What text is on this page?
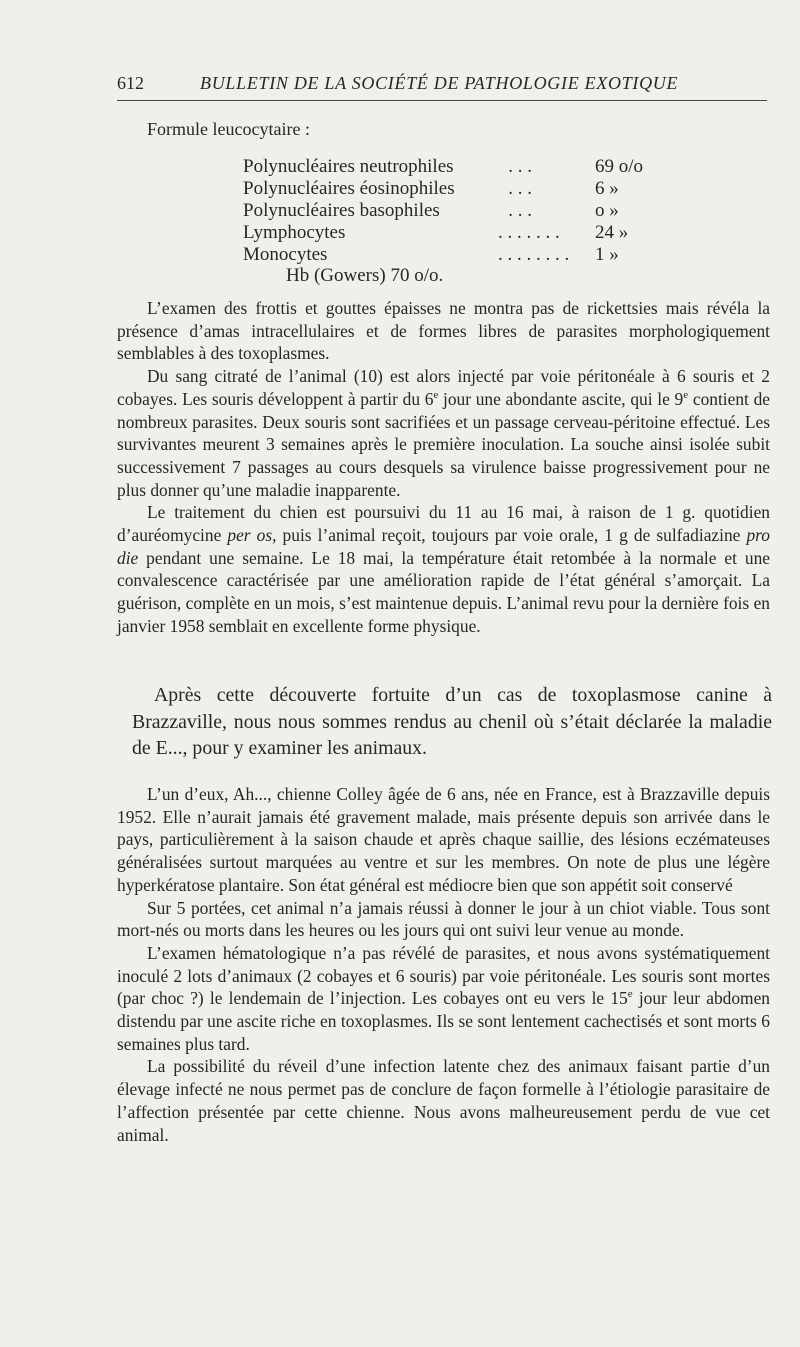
612	BULLETIN DE LA SOCIÉTÉ DE PATHOLOGIE EXOTIQUE
Formule leucocytaire :
Polynucléaires neutrophiles	. . .	69 o/o
Polynucléaires éosinophiles	. . .	6 »
Polynucléaires basophiles	. . .	o »
Lymphocytes	. . . . . . . 24 »
Monocytes	. . . . . . . . 1 »
Hb (Gowers) 70 o/o.

L’examen des frottis et gouttes épaisses ne montra pas de rickettsies mais révéla la présence d’amas intracellulaires et de formes libres de parasites morphologiquement semblables à des toxoplasmes.

Du sang citraté de l’animal (10) est alors injecté par voie péritonéale à 6 souris et 2 cobayes. Les souris développent à partir du 6e jour une abondante ascite, qui le 9e contient de nombreux parasites. Deux souris sont sacrifiées et un passage cerveau-péritoine effectué. Les survivantes meurent 3 semaines après le première inoculation. La souche ainsi isolée subit successivement 7 passages au cours desquels sa virulence baisse progressivement pour ne plus donner qu’une maladie inapparente.

Le traitement du chien est poursuivi du 11 au 16 mai, à raison de 1 g. quotidien d’auréomycine per os, puis l’animal reçoit, toujours par voie orale, 1 g de sulfadiazine pro die pendant une semaine. Le 18 mai, la température était retombée à la normale et une convalescence caractérisée par une amélioration rapide de l’état général s’amorçait. La guérison, complète en un mois, s’est maintenue depuis. L’animal revu pour la dernière fois en janvier 1958 semblait en excellente forme physique.

Après cette découverte fortuite d’un cas de toxoplasmose canine à Brazzaville, nous nous sommes rendus au chenil où s’était déclarée la maladie de E..., pour y examiner les animaux.

L’un d’eux, Ah..., chienne Colley âgée de 6 ans, née en France, est à Brazzaville depuis 1952. Elle n’aurait jamais été gravement malade, mais présente depuis son arrivée dans le pays, particulièrement à la saison chaude et après chaque saillie, des lésions eczémateuses généralisées surtout marquées au ventre et sur les membres. On note de plus une légère hyperkératose plantaire. Son état général est médiocre bien que son appétit soit conservé

Sur 5 portées, cet animal n’a jamais réussi à donner le jour à un chiot viable. Tous sont mort-nés ou morts dans les heures ou les jours qui ont suivi leur venue au monde.

L’examen hématologique n’a pas révélé de parasites, et nous avons systématiquement inoculé 2 lots d’animaux (2 cobayes et 6 souris) par voie péritonéale. Les souris sont mortes (par choc ?) le lendemain de l’injection. Les cobayes ont eu vers le 15e jour leur abdomen distendu par une ascite riche en toxoplasmes. Ils se sont lentement cachectisés et sont morts 6 semaines plus tard.

La possibilité du réveil d’une infection latente chez des animaux faisant partie d’un élevage infecté ne nous permet pas de conclure de façon formelle à l’étiologie parasitaire de l’affection présentée par cette chienne. Nous avons malheureusement perdu de vue cet animal.
